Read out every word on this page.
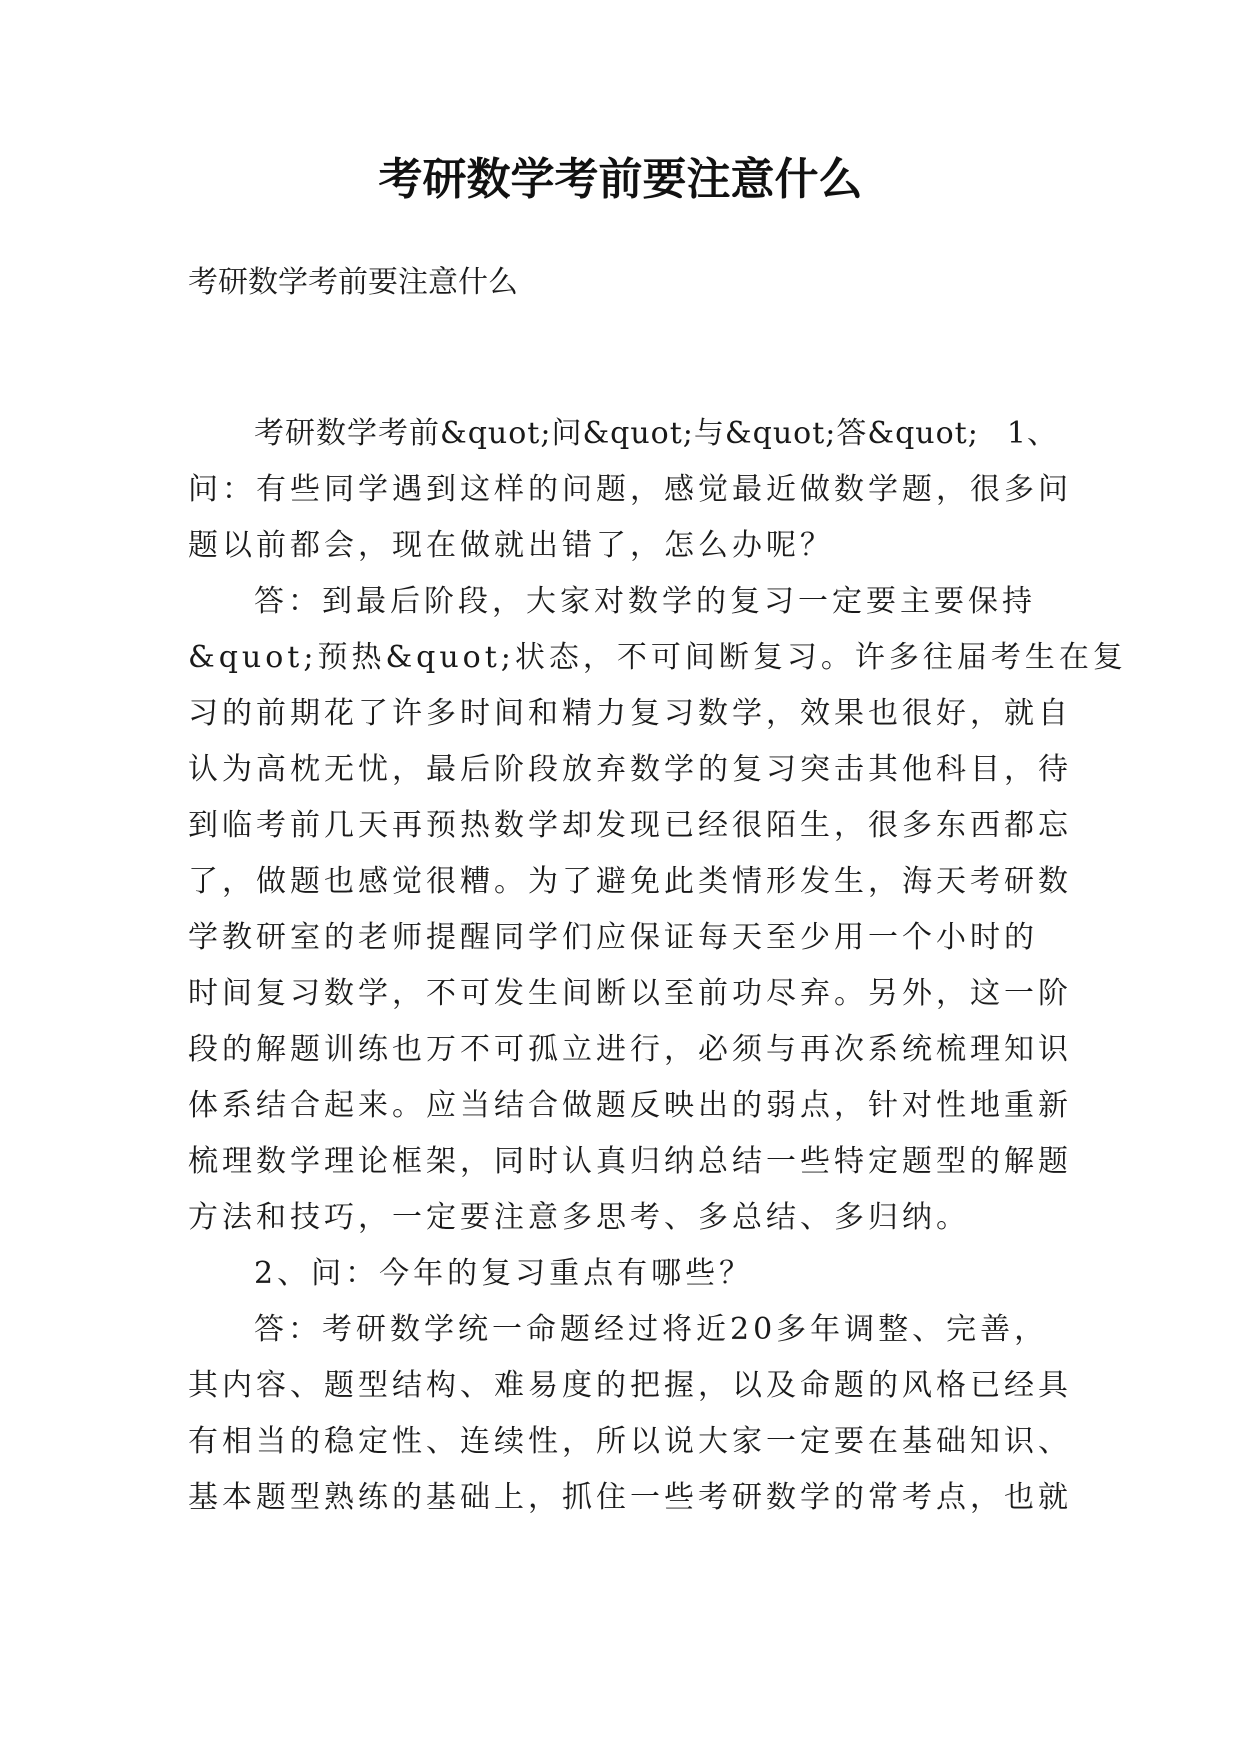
考研数学考前要注意什么

考研数学考前要注意什么

考研数学考前&quot;问&quot;与&quot;答&quot; 1、
问：有些同学遇到这样的问题，感觉最近做数学题，很多问
题以前都会，现在做就出错了，怎么办呢？
答：到最后阶段，大家对数学的复习一定要主要保持
&quot;预热&quot;状态，不可间断复习。许多往届考生在复
习的前期花了许多时间和精力复习数学，效果也很好，就自
认为高枕无忧，最后阶段放弃数学的复习突击其他科目，待
到临考前几天再预热数学却发现已经很陌生，很多东西都忘
了，做题也感觉很糟。为了避免此类情形发生，海天考研数
学教研室的老师提醒同学们应保证每天至少用一个小时的
时间复习数学，不可发生间断以至前功尽弃。另外，这一阶
段的解题训练也万不可孤立进行，必须与再次系统梳理知识
体系结合起来。应当结合做题反映出的弱点，针对性地重新
梳理数学理论框架，同时认真归纳总结一些特定题型的解题
方法和技巧，一定要注意多思考、多总结、多归纳。
2、问：今年的复习重点有哪些？
答：考研数学统一命题经过将近20多年调整、完善，
其内容、题型结构、难易度的把握，以及命题的风格已经具
有相当的稳定性、连续性，所以说大家一定要在基础知识、
基本题型熟练的基础上，抓住一些考研数学的常考点，也就
